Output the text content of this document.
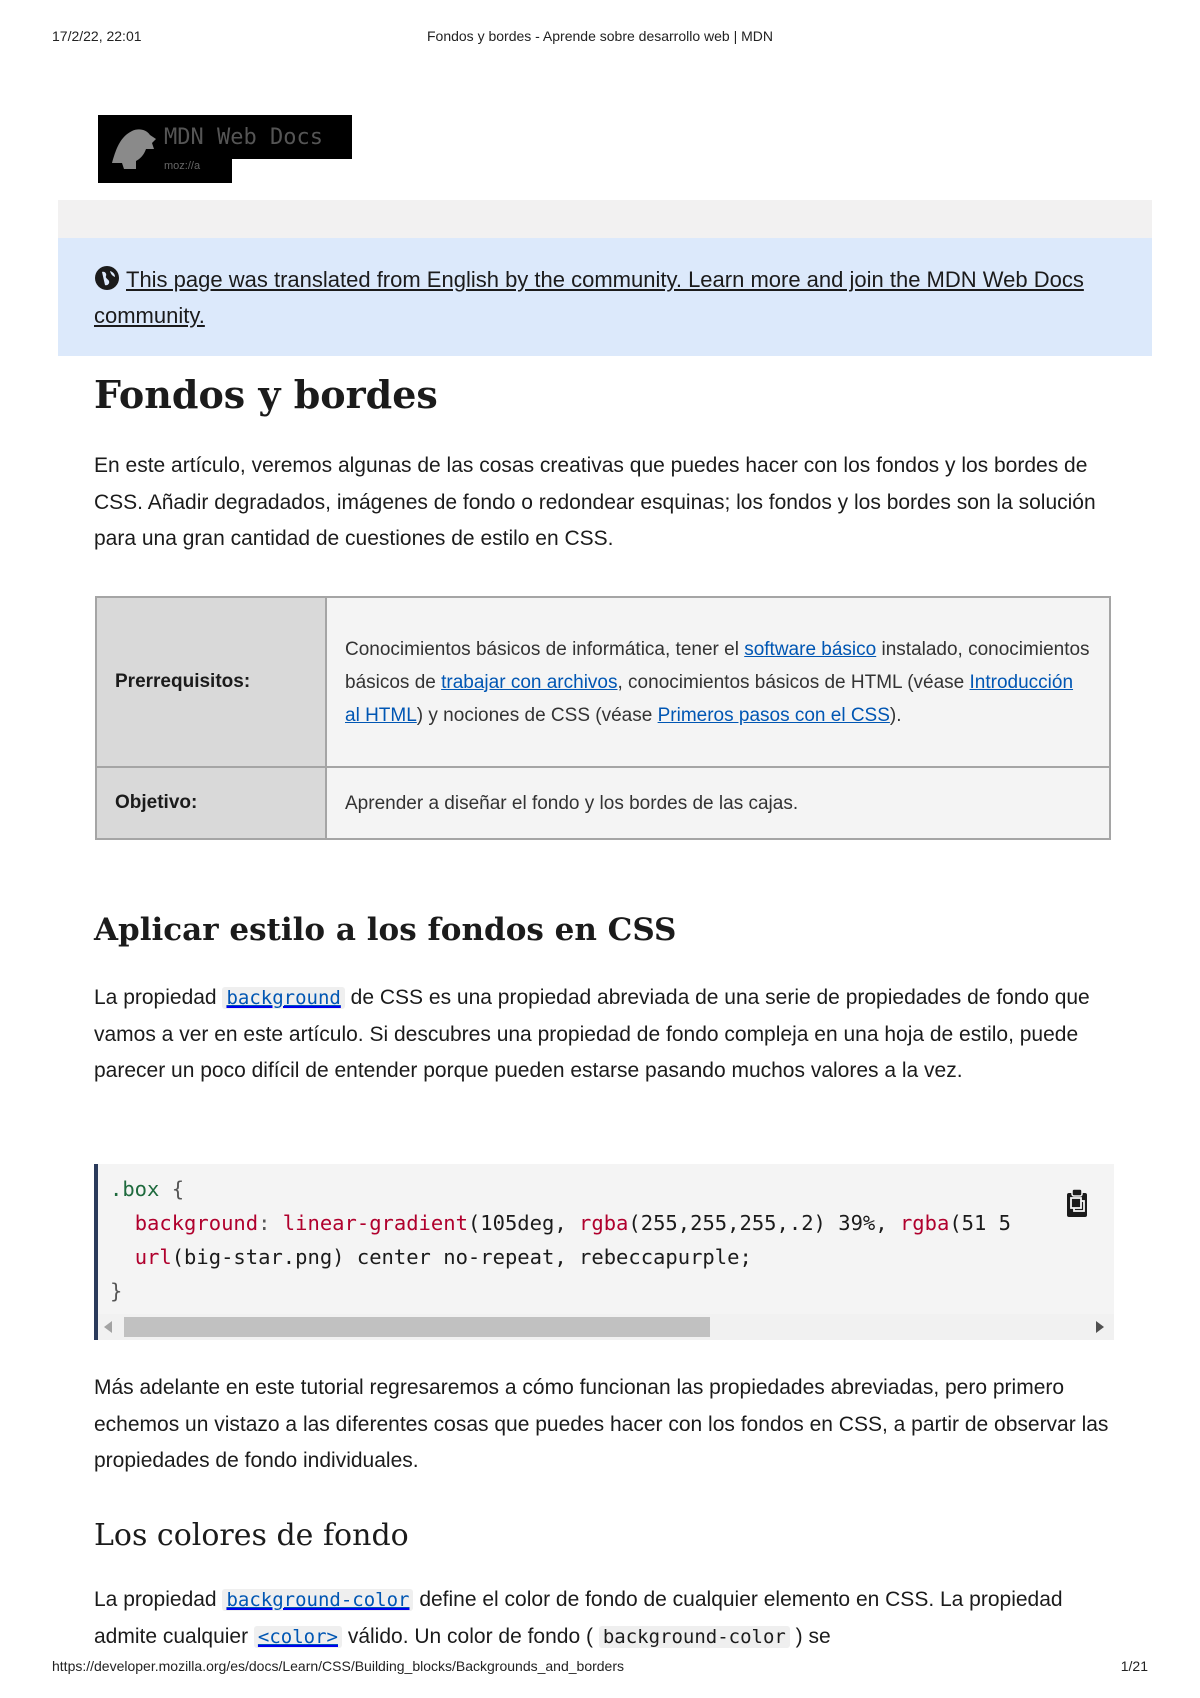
17/2/22, 22:01	Fondos y bordes - Aprende sobre desarrollo web | MDN
MDN Web Docs
moz://a
This page was translated from English by the community. Learn more and join the MDN Web Docs community.
Fondos y bordes

En este artículo, veremos algunas de las cosas creativas que puedes hacer con los fondos y los bordes de CSS. Añadir degradados, imágenes de fondo o redondear esquinas; los fondos y los bordes son la solución para una gran cantidad de cuestiones de estilo en CSS.

Prerrequisitos:	Conocimientos básicos de informática, tener el software básico instalado, conocimientos básicos de trabajar con archivos, conocimientos básicos de HTML (véase Introducción al HTML) y nociones de CSS (véase Primeros pasos con el CSS).
Objetivo:	Aprender a diseñar el fondo y los bordes de las cajas.
Aplicar estilo a los fondos en CSS

La propiedad background de CSS es una propiedad abreviada de una serie de propiedades de fondo que vamos a ver en este artículo. Si descubres una propiedad de fondo compleja en una hoja de estilo, puede parecer un poco difícil de entender porque pueden estarse pasando muchos valores a la vez.

.box {
background: linear-gradient(105deg, rgba(255,255,255,.2) 39%, rgba(51 5
url(big-star.png) center no-repeat, rebeccapurple;
}

Más adelante en este tutorial regresaremos a cómo funcionan las propiedades abreviadas, pero primero echemos un vistazo a las diferentes cosas que puedes hacer con los fondos en CSS, a partir de observar las propiedades de fondo individuales.

Los colores de fondo

La propiedad background-color define el color de fondo de cualquier elemento en CSS. La propiedad admite cualquier <color> válido. Un color de fondo ( background-color ) se

https://developer.mozilla.org/es/docs/Learn/CSS/Building_blocks/Backgrounds_and_borders	1/21
